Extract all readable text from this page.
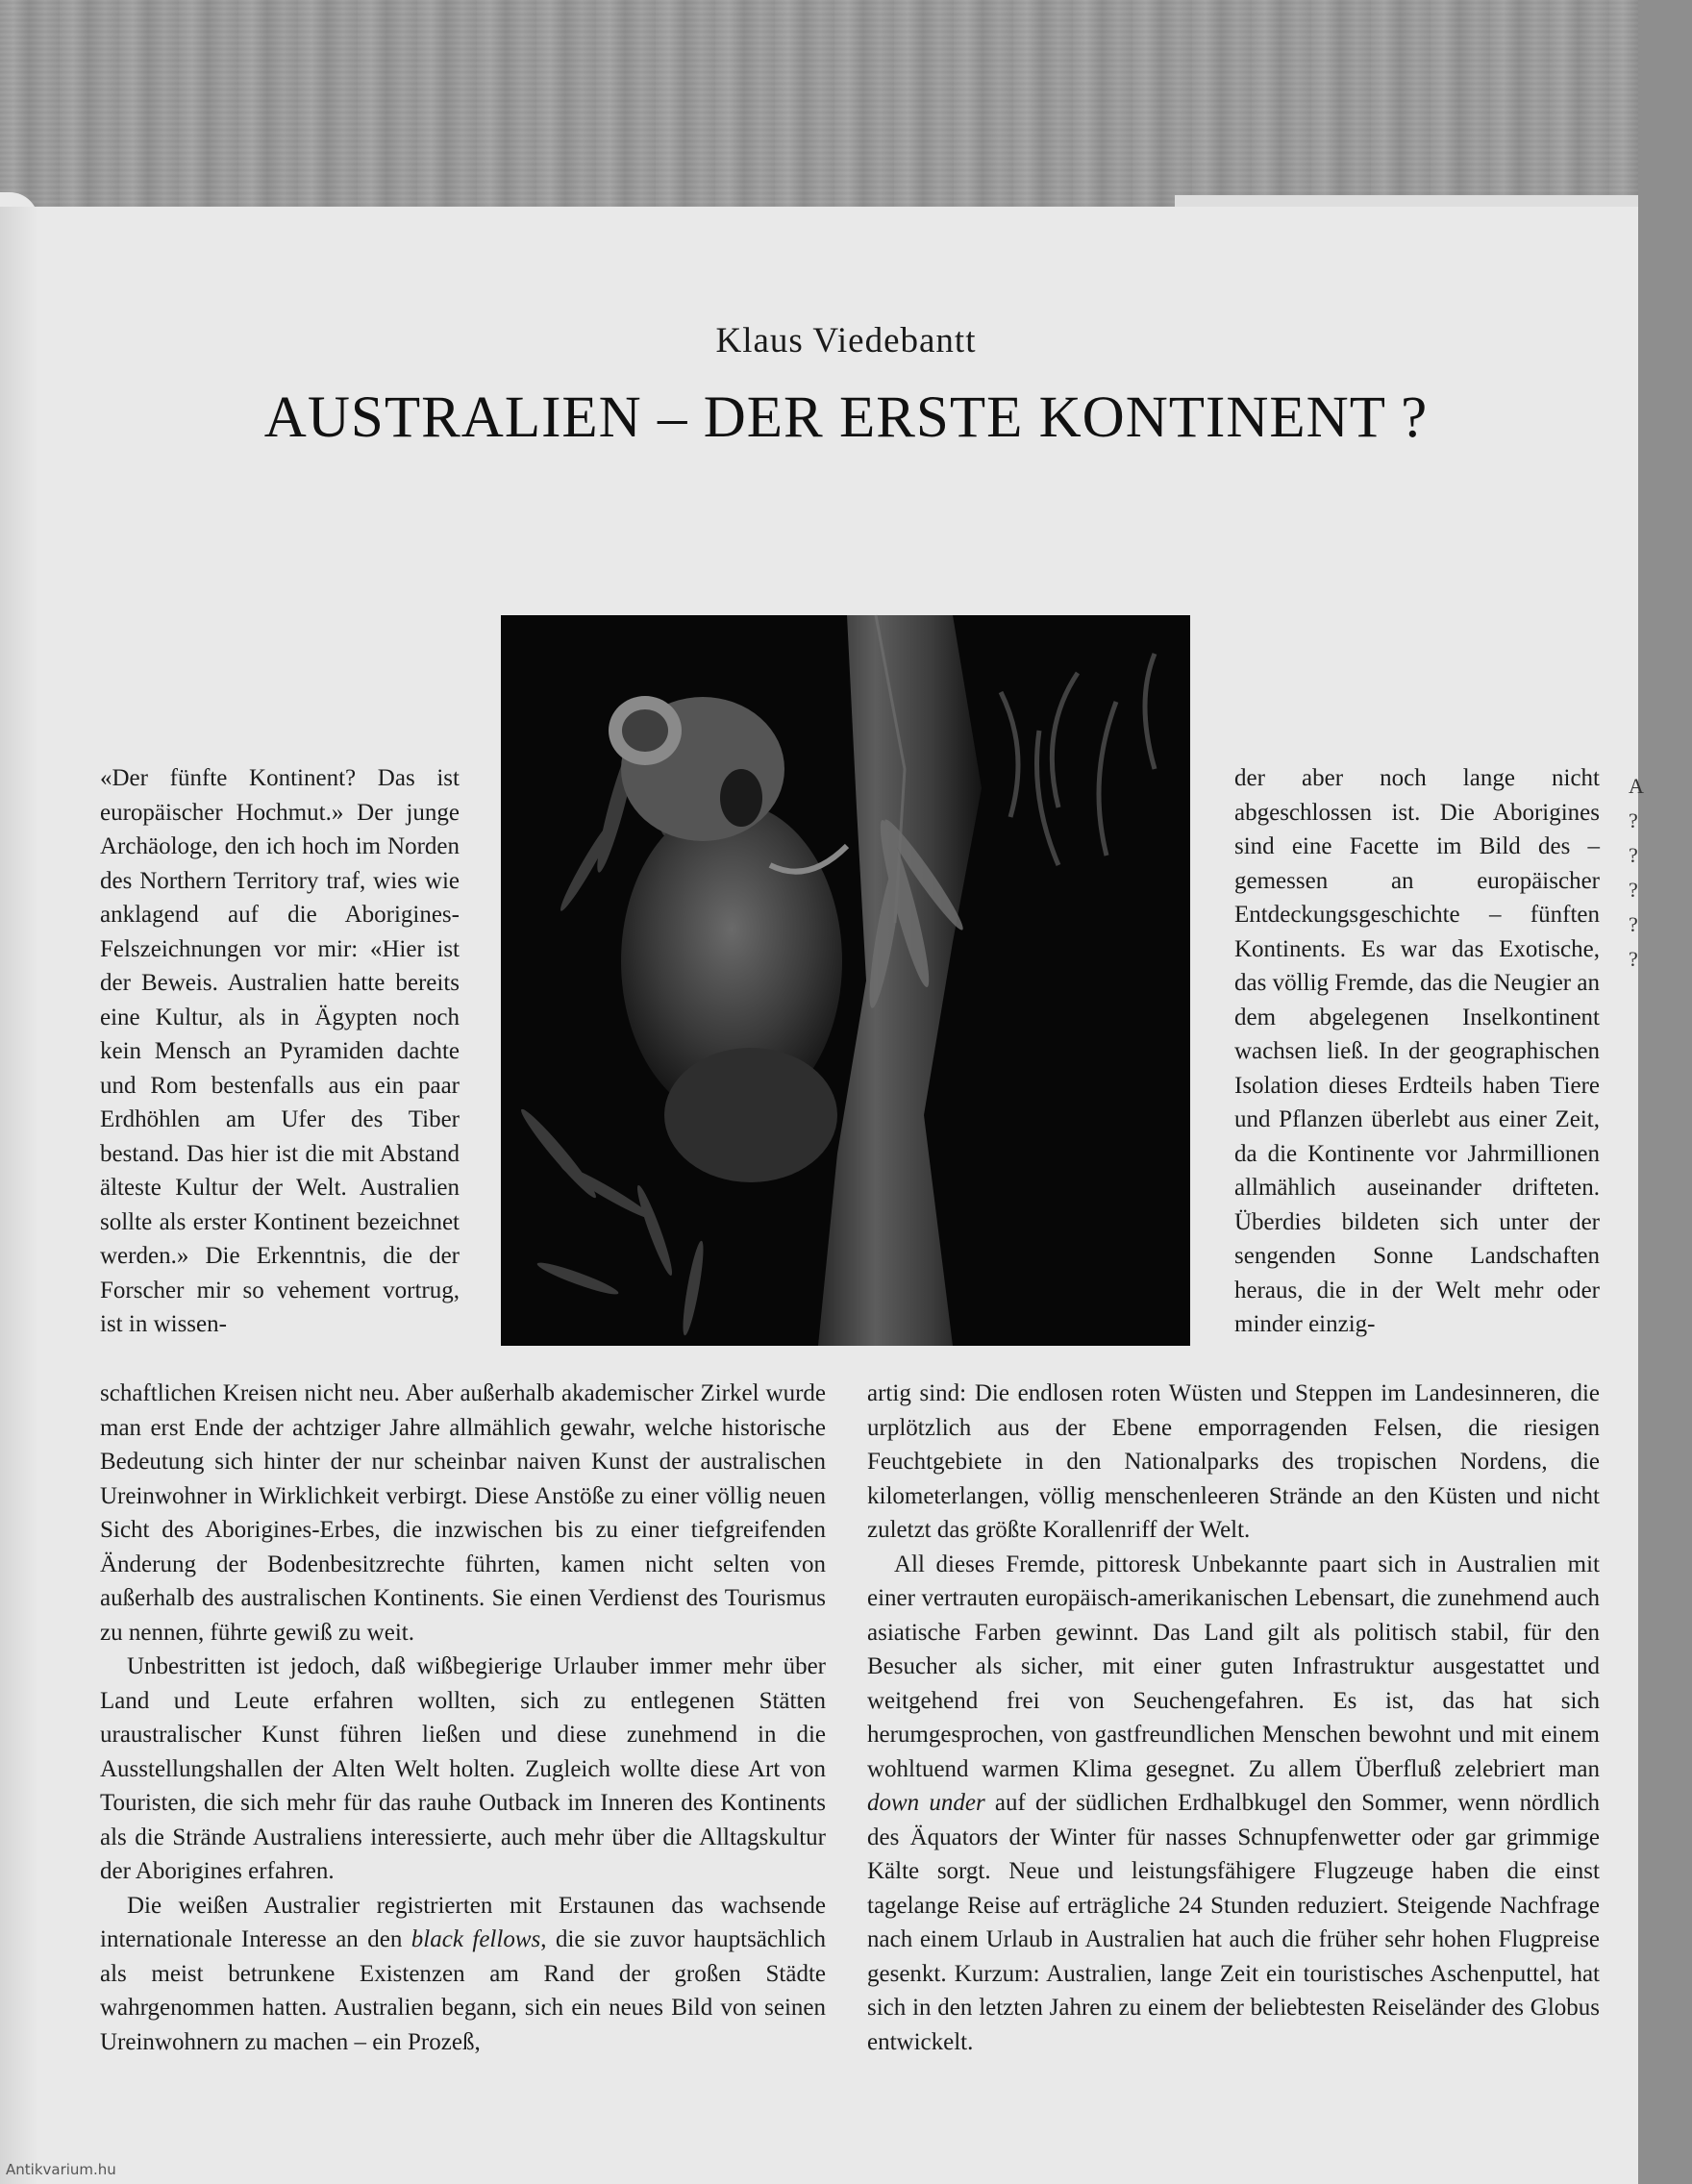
Klaus Viedebantt
AUSTRALIEN – DER ERSTE KONTINENT ?

«Der fünfte Kontinent? Das ist europäischer Hochmut.» Der junge Archäologe, den ich hoch im Norden des Northern Territory traf, wies wie anklagend auf die Aborigines-Felszeichnungen vor mir: «Hier ist der Beweis. Australien hatte bereits eine Kultur, als in Ägypten noch kein Mensch an Pyramiden dachte und Rom bestenfalls aus ein paar Erdhöhlen am Ufer des Tiber bestand. Das hier ist die mit Abstand älteste Kultur der Welt. Australien sollte als erster Kontinent bezeichnet werden.» Die Erkenntnis, die der Forscher mir so vehement vortrug, ist in wissen-

der aber noch lange nicht abgeschlossen ist. Die Aborigines sind eine Facette im Bild des – gemessen an europäischer Entdeckungsgeschichte – fünften Kontinents. Es war das Exotische, das völlig Fremde, das die Neugier an dem abgelegenen Inselkontinent wachsen ließ. In der geographischen Isolation dieses Erdteils haben Tiere und Pflanzen überlebt aus einer Zeit, da die Kontinente vor Jahrmillionen allmählich auseinander drifteten. Überdies bildeten sich unter der sengenden Sonne Landschaften heraus, die in der Welt mehr oder minder einzig-

schaftlichen Kreisen nicht neu. Aber außerhalb akademischer Zirkel wurde man erst Ende der achtziger Jahre allmählich gewahr, welche historische Bedeutung sich hinter der nur scheinbar naiven Kunst der australischen Ureinwohner in Wirklichkeit verbirgt. Diese Anstöße zu einer völlig neuen Sicht des Aborigines-Erbes, die inzwischen bis zu einer tiefgreifenden Änderung der Bodenbesitzrechte führten, kamen nicht selten von außerhalb des australischen Kontinents. Sie einen Verdienst des Tourismus zu nennen, führte gewiß zu weit.

Unbestritten ist jedoch, daß wißbegierige Urlauber immer mehr über Land und Leute erfahren wollten, sich zu entlegenen Stätten uraustralischer Kunst führen ließen und diese zunehmend in die Ausstellungshallen der Alten Welt holten. Zugleich wollte diese Art von Touristen, die sich mehr für das rauhe Outback im Inneren des Kontinents als die Strände Australiens interessierte, auch mehr über die Alltagskultur der Aborigines erfahren.

Die weißen Australier registrierten mit Erstaunen das wachsende internationale Interesse an den black fellows, die sie zuvor hauptsächlich als meist betrunkene Existenzen am Rand der großen Städte wahrgenommen hatten. Australien begann, sich ein neues Bild von seinen Ureinwohnern zu machen – ein Prozeß,

artig sind: Die endlosen roten Wüsten und Steppen im Landesinneren, die urplötzlich aus der Ebene emporragenden Felsen, die riesigen Feuchtgebiete in den Nationalparks des tropischen Nordens, die kilometerlangen, völlig menschenleeren Strände an den Küsten und nicht zuletzt das größte Korallenriff der Welt.

All dieses Fremde, pittoresk Unbekannte paart sich in Australien mit einer vertrauten europäisch-amerikanischen Lebensart, die zunehmend auch asiatische Farben gewinnt. Das Land gilt als politisch stabil, für den Besucher als sicher, mit einer guten Infrastruktur ausgestattet und weitgehend frei von Seuchengefahren. Es ist, das hat sich herumgesprochen, von gastfreundlichen Menschen bewohnt und mit einem wohltuend warmen Klima gesegnet. Zu allem Überfluß zelebriert man down under auf der südlichen Erdhalbkugel den Sommer, wenn nördlich des Äquators der Winter für nasses Schnupfenwetter oder gar grimmige Kälte sorgt. Neue und leistungsfähigere Flugzeuge haben die einst tagelange Reise auf erträgliche 24 Stunden reduziert. Steigende Nachfrage nach einem Urlaub in Australien hat auch die früher sehr hohen Flugpreise gesenkt. Kurzum: Australien, lange Zeit ein touristisches Aschenputtel, hat sich in den letzten Jahren zu einem der beliebtesten Reiseländer des Globus entwickelt.

A
?
?
?
?
?
Antikvarium.hu
